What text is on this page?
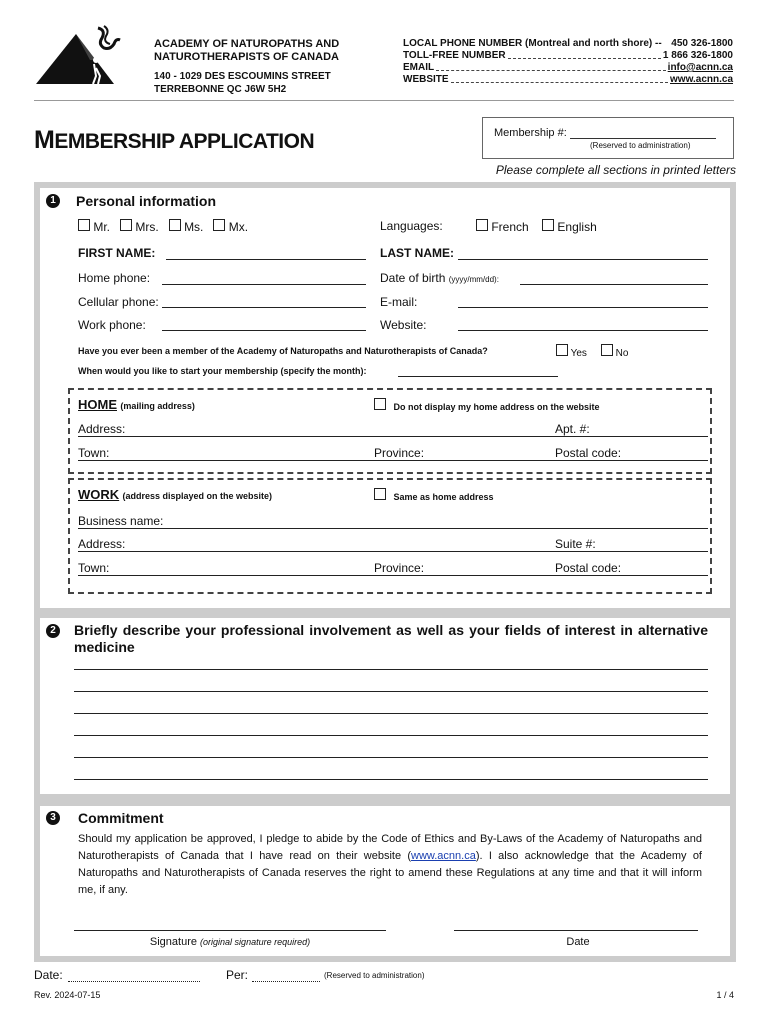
ACADEMY OF NATUROPATHS AND
NATUROTHERAPISTS OF CANADA
140 - 1029 DES ESCOUMINS STREET
TERREBONNE QC J6W 5H2
LOCAL PHONE NUMBER (Montreal and north shore) -- 450 326-1800
TOLL-FREE NUMBER	1 866 326-1800
EMAIL	info@acnn.ca
WEBSITE	www.acnn.ca
MEMBERSHIP APPLICATION	Membership #:
(Reserved to administration)
Please complete all sections in printed letters
1	Personal information
Mr. Mrs. Ms. Mx.	Languages:	French English
FIRST NAME:	LAST NAME:
Home phone:	Date of birth (yyyy/mm/dd):
Cellular phone:	E-mail:
Work phone:	Website:
Have you ever been a member of the Academy of Naturopaths and Naturotherapists of Canada?	Yes	No
When would you like to start your membership (specify the month):
HOME (mailing address)	Do not display my home address on the website
Address:	Apt. #:
Town:	Province:	Postal code:
WORK (address displayed on the website)	Same as home address
Business name:
Address:	Suite #:
Town:	Province:	Postal code:
2	Briefly describe your professional involvement as well as your fields of interest in alternative medicine
3	Commitment
Should my application be approved, I pledge to abide by the Code of Ethics and By-Laws of the Academy of Naturopaths and Naturotherapists of Canada that I have read on their website (www.acnn.ca). I also acknowledge that the Academy of Naturopaths and Naturotherapists of Canada reserves the right to amend these Regulations at any time and that it will inform me, if any.
Signature (original signature required)	Date
Date:	Per:	(Reserved to administration)
Rev. 2024-07-15	1 / 4
